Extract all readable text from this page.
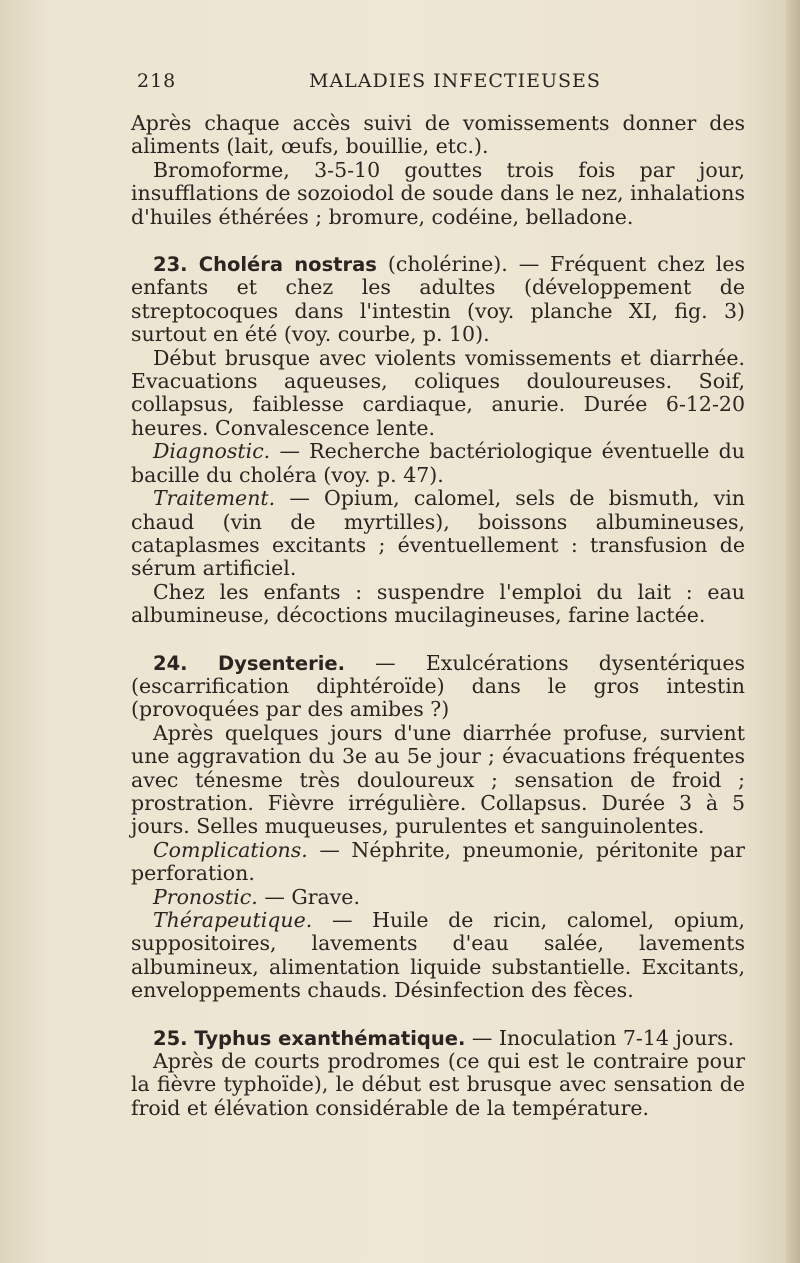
218	MALADIES INFECTIEUSES

Après chaque accès suivi de vomissements donner des aliments (lait, œufs, bouillie, etc.).

Bromoforme, 3-5-10 gouttes trois fois par jour, insufflations de sozoiodol de soude dans le nez, inhalations d'huiles éthérées ; bromure, codéine, belladone.

23. Choléra nostras (cholérine). — Fréquent chez les enfants et chez les adultes (développement de streptocoques dans l'intestin (voy. planche XI, fig. 3) surtout en été (voy. courbe, p. 10).

Début brusque avec violents vomissements et diarrhée. Evacuations aqueuses, coliques douloureuses. Soif, collapsus, faiblesse cardiaque, anurie. Durée 6-12-20 heures. Convalescence lente.

Diagnostic. — Recherche bactériologique éventuelle du bacille du choléra (voy. p. 47).

Traitement. — Opium, calomel, sels de bismuth, vin chaud (vin de myrtilles), boissons albumineuses, cataplasmes excitants ; éventuellement : transfusion de sérum artificiel.

Chez les enfants : suspendre l'emploi du lait : eau albumineuse, décoctions mucilagineuses, farine lactée.

24. Dysenterie. — Exulcérations dysentériques (escarrification diphtéroïde) dans le gros intestin (provoquées par des amibes ?)

Après quelques jours d'une diarrhée profuse, survient une aggravation du 3e au 5e jour ; évacuations fréquentes avec ténesme très douloureux ; sensation de froid ; prostration. Fièvre irrégulière. Collapsus. Durée 3 à 5 jours. Selles muqueuses, purulentes et sanguinolentes.

Complications. — Néphrite, pneumonie, péritonite par perforation.

Pronostic. — Grave.

Thérapeutique. — Huile de ricin, calomel, opium, suppositoires, lavements d'eau salée, lavements albumineux, alimentation liquide substantielle. Excitants, enveloppements chauds. Désinfection des fèces.

25. Typhus exanthématique. — Inoculation 7-14 jours.

Après de courts prodromes (ce qui est le contraire pour la fièvre typhoïde), le début est brusque avec sensation de froid et élévation considérable de la température.
